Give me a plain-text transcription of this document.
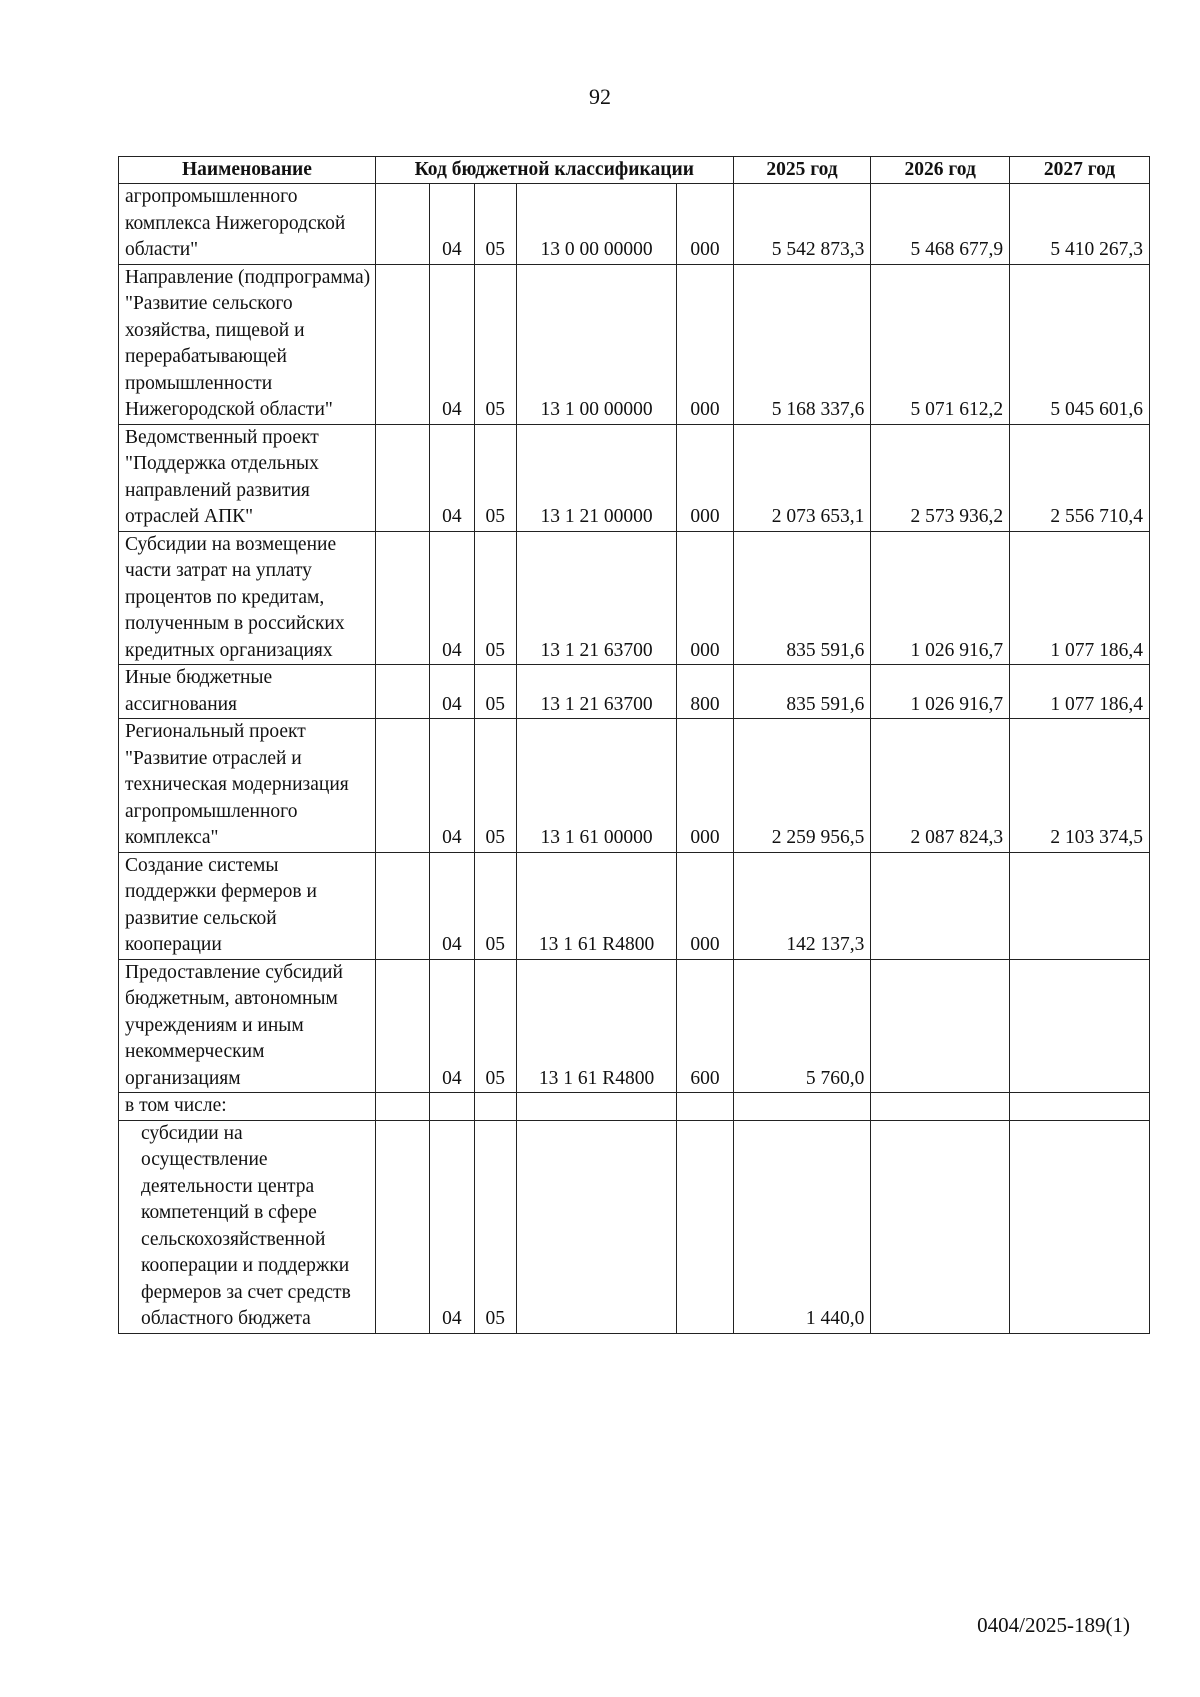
92
Наименование	Код бюджетной классификации					2025 год	2026 год	2027 год
агропромышленного комплекса Нижегородской области"		04	05	13 0 00 00000	000	5 542 873,3	5 468 677,9	5 410 267,3
Направление (подпрограмма) "Развитие сельского хозяйства, пищевой и перерабатывающей промышленности Нижегородской области"		04	05	13 1 00 00000	000	5 168 337,6	5 071 612,2	5 045 601,6
Ведомственный проект "Поддержка отдельных направлений развития отраслей АПК"		04	05	13 1 21 00000	000	2 073 653,1	2 573 936,2	2 556 710,4
Субсидии на возмещение части затрат на уплату процентов по кредитам, полученным в российских кредитных организациях		04	05	13 1 21 63700	000	835 591,6	1 026 916,7	1 077 186,4
Иные бюджетные ассигнования		04	05	13 1 21 63700	800	835 591,6	1 026 916,7	1 077 186,4
Региональный проект "Развитие отраслей и техническая модернизация агропромышленного комплекса"		04	05	13 1 61 00000	000	2 259 956,5	2 087 824,3	2 103 374,5
Создание системы поддержки фермеров и развитие сельской кооперации		04	05	13 1 61 R4800	000	142 137,3		
Предоставление субсидий бюджетным, автономным учреждениям и иным некоммерческим организациям		04	05	13 1 61 R4800	600	5 760,0		
в том числе:								
субсидии на осуществление деятельности центра компетенций в сфере сельскохозяйственной кооперации и поддержки фермеров за счет средств областного бюджета		04	05			1 440,0		
0404/2025-189(1)
